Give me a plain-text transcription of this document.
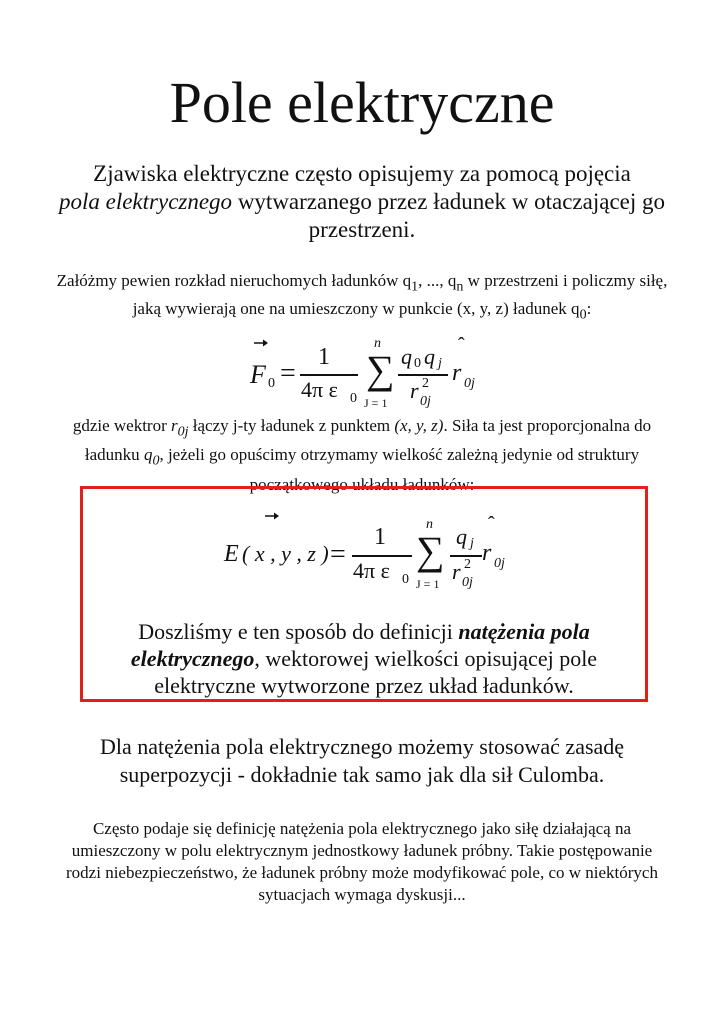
Pole elektryczne

Zjawiska elektryczne często opisujemy za pomocą pojęcia
pola elektrycznego wytwarzanego przez ładunek w otaczającej go przestrzeni.

Załóżmy pewien rozkład nieruchomych ładunków $q_1$, ..., $q_n$ w przestrzeni i policzmy siłę, jaką wywierają one na umieszczony w punkcie (x, y, z) ładunek $q_0$:

F 0 =
1
4π ε 0
n
∑
J = 1
q 0 q j
r 2
0j
ˆ
r 0j

gdzie wektror $r_{0j}$ łączy j-ty ładunek z punktem (x, y, z). Siła ta jest proporcjonalna do ładunku $q_0$, jeżeli go opuścimy otrzymamy wielkość zależną jedynie od struktury początkowego układu ładunków:

E ( x , y , z ) =
1
4π ε 0
n
∑
J = 1
q j
r 2
0j
ˆ
r 0j

Doszliśmy e ten sposób do definicji natężenia pola elektrycznego, wektorowej wielkości opisującej pole elektryczne wytworzone przez układ ładunków.

Dla natężenia pola elektrycznego możemy stosować zasadę superpozycji - dokładnie tak samo jak dla sił Culomba.

Często podaje się definicję natężenia pola elektrycznego jako siłę działającą na umieszczony w polu elektrycznym jednostkowy ładunek próbny. Takie postępowanie rodzi niebezpieczeństwo, że ładunek próbny może modyfikować pole, co w niektórych sytuacjach wymaga dyskusji...
